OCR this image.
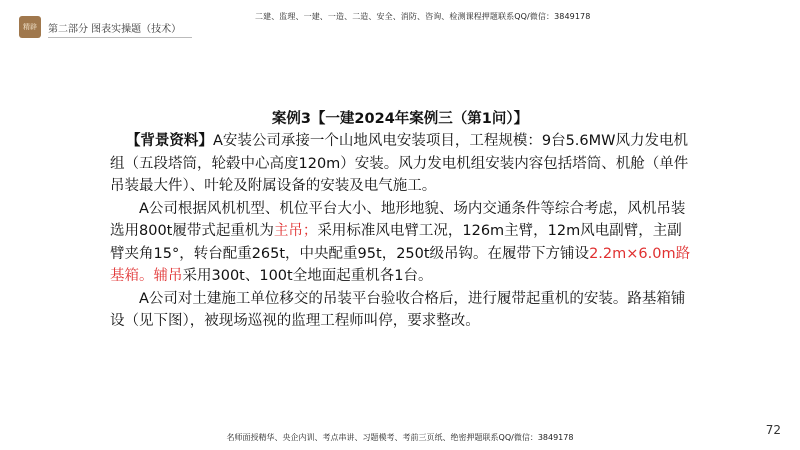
精辟	第二部分 图表实操题（技术）
二建、监理、一建、一造、二造、安全、消防、咨询、检测课程押题联系QQ/微信：3849178
案例3【一建2024年案例三（第1问）】

【背景资料】A安装公司承接一个山地风电安装项目，工程规模：9台5.6MW风力发电机组（五段塔筒，轮毂中心高度120m）安装。风力发电机组安装内容包括塔筒、机舱（单件吊装最大件）、叶轮及附属设备的安装及电气施工。

A公司根据风机机型、机位平台大小、地形地貌、场内交通条件等综合考虑，风机吊装选用800t履带式起重机为主吊；采用标准风电臂工况，126m主臂，12m风电副臂，主副臂夹角15°，转台配重265t，中央配重95t，250t级吊钩。在履带下方铺设2.2m×6.0m路基箱。辅吊采用300t、100t全地面起重机各1台。

A公司对土建施工单位移交的吊装平台验收合格后，进行履带起重机的安装。路基箱铺设（见下图），被现场巡视的监理工程师叫停，要求整改。

72
名师面授精华、央企内训、考点串讲、习题模考、考前三页纸、绝密押题联系QQ/微信：3849178
